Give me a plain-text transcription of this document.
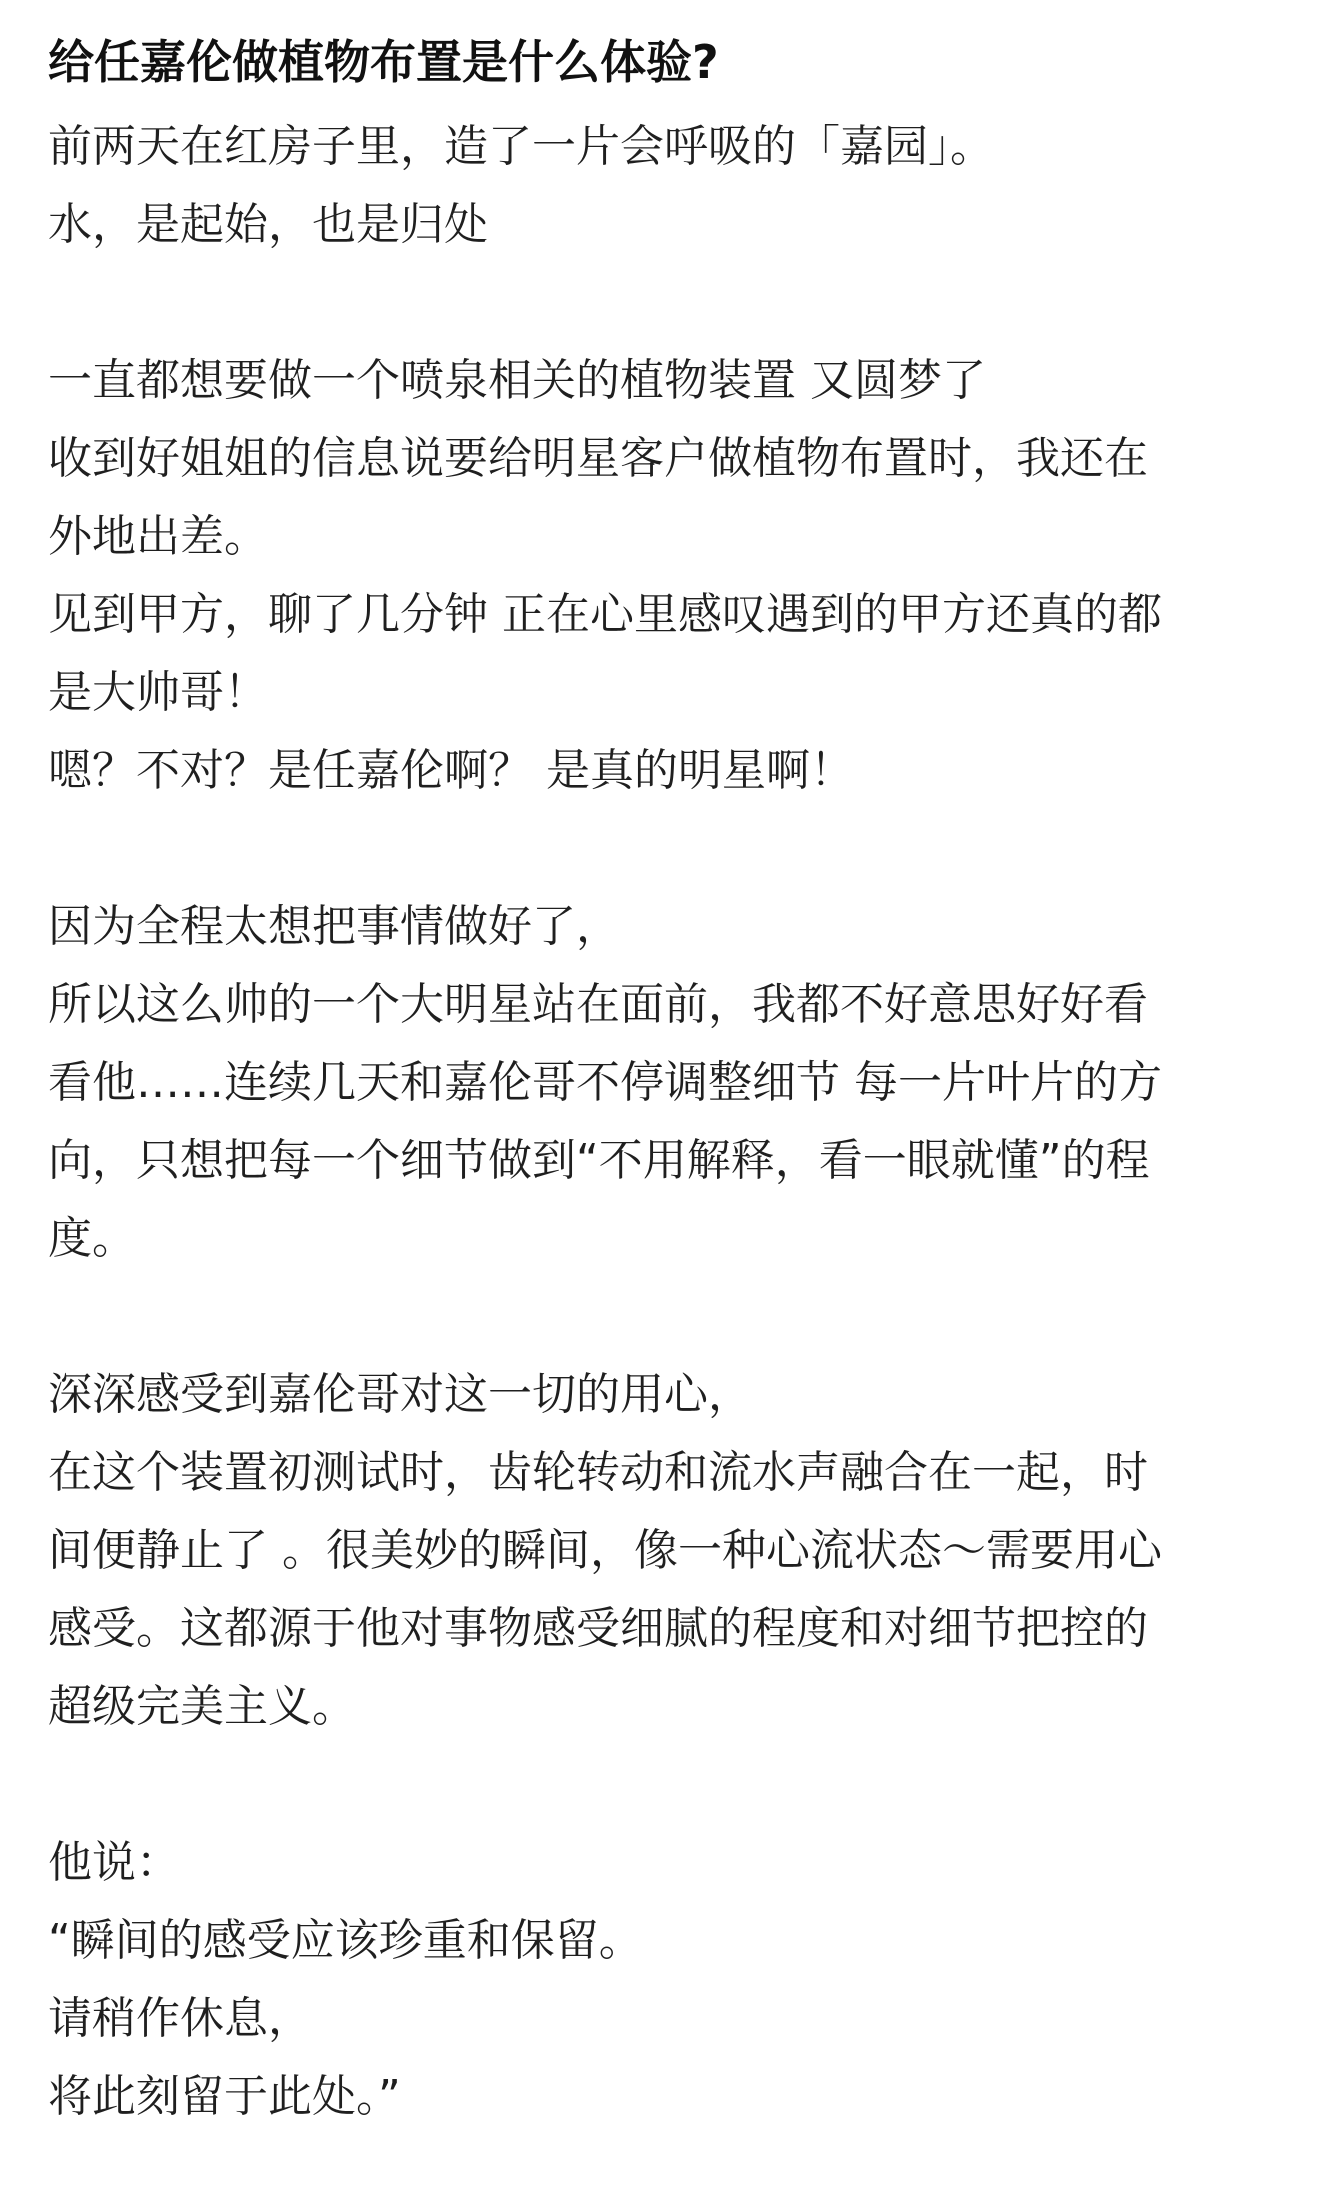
给任嘉伦做植物布置是什么体验?
前两天在红房子里，造了一片会呼吸的「嘉园」。
水，是起始，也是归处
一直都想要做一个喷泉相关的植物装置 又圆梦了
收到好姐姐的信息说要给明星客户做植物布置时，我还在
外地出差。
见到甲方，聊了几分钟 正在心里感叹遇到的甲方还真的都
是大帅哥！
嗯？不对？是任嘉伦啊？ 是真的明星啊！
因为全程太想把事情做好了，
所以这么帅的一个大明星站在面前，我都不好意思好好看
看他……连续几天和嘉伦哥不停调整细节 每一片叶片的方
向，只想把每一个细节做到“不用解释，看一眼就懂”的程
度。
深深感受到嘉伦哥对这一切的用心，
在这个装置初测试时，齿轮转动和流水声融合在一起，时
间便静止了 。很美妙的瞬间，像一种心流状态～需要用心
感受。这都源于他对事物感受细腻的程度和对细节把控的
超级完美主义。
他说：
“瞬间的感受应该珍重和保留。
请稍作休息，
将此刻留于此处。”
